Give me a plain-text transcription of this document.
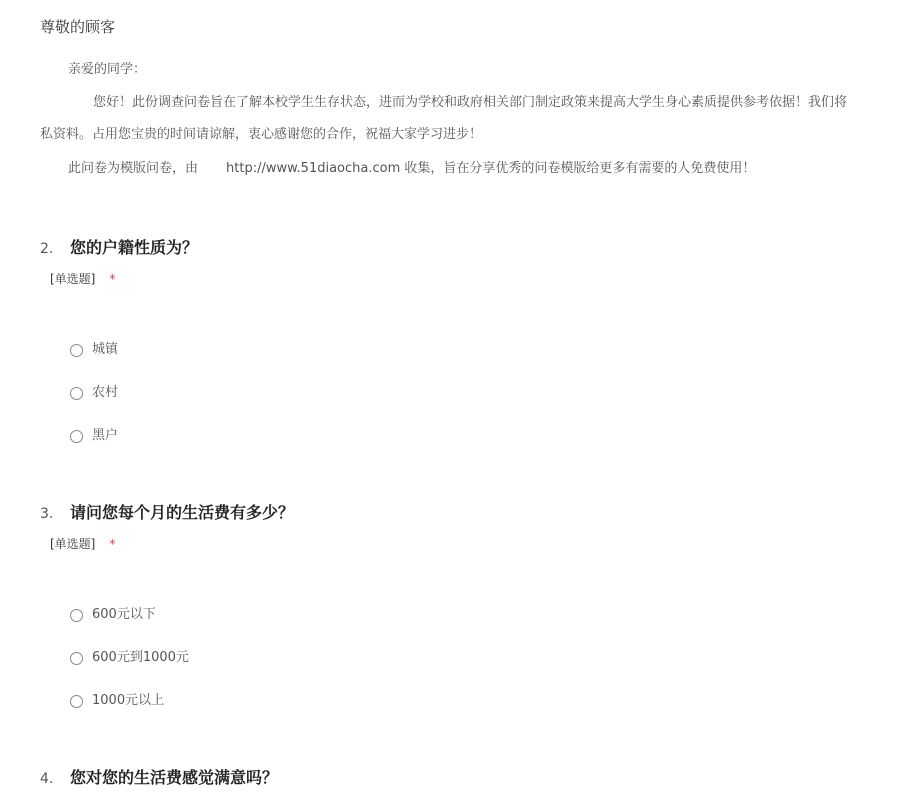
尊敬的顾客
亲爱的同学：
您好！此份调查问卷旨在了解本校学生生存状态，进而为学校和政府相关部门制定政策来提高大学生身心素质提供参考依据！我们将
私资料。占用您宝贵的时间请谅解，衷心感谢您的合作，祝福大家学习进步！
此问卷为模版问卷，由 http://www.51diaocha.com 收集，旨在分享优秀的问卷模版给更多有需要的人免费使用！
2. 您的户籍性质为？
[单选题] *
城镇
农村
黑户
3. 请问您每个月的生活费有多少？
[单选题] *
600元以下
600元到1000元
1000元以上
4. 您对您的生活费感觉满意吗？
